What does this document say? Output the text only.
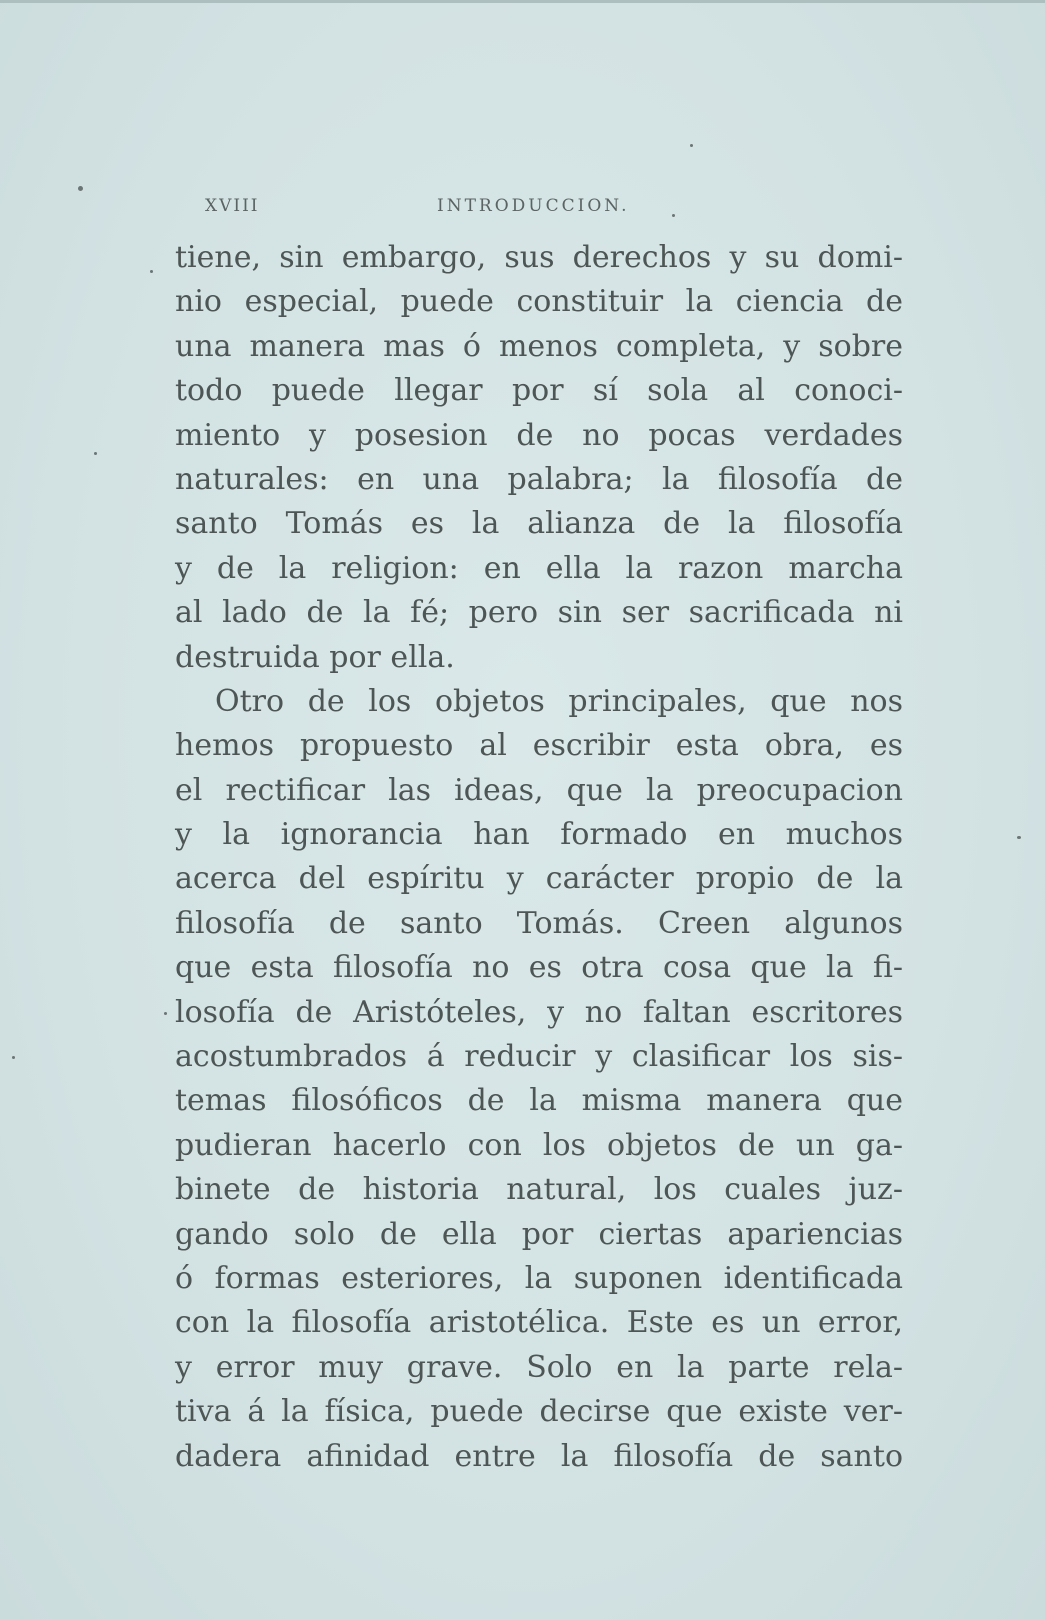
XVIII	INTRODUCCION.
tiene, sin embargo, sus derechos y su domi-
nio especial, puede constituir la ciencia de
una manera mas ó menos completa, y sobre
todo puede llegar por sí sola al conoci-
miento y posesion de no pocas verdades
naturales: en una palabra; la filosofía de
santo Tomás es la alianza de la filosofía
y de la religion: en ella la razon marcha
al lado de la fé; pero sin ser sacrificada ni
destruida por ella.
Otro de los objetos principales, que nos
hemos propuesto al escribir esta obra, es
el rectificar las ideas, que la preocupacion
y la ignorancia han formado en muchos
acerca del espíritu y carácter propio de la
filosofía de santo Tomás. Creen algunos
que esta filosofía no es otra cosa que la fi-
losofía de Aristóteles, y no faltan escritores
acostumbrados á reducir y clasificar los sis-
temas filosóficos de la misma manera que
pudieran hacerlo con los objetos de un ga-
binete de historia natural, los cuales juz-
gando solo de ella por ciertas apariencias
ó formas esteriores, la suponen identificada
con la filosofía aristotélica. Este es un error,
y error muy grave. Solo en la parte rela-
tiva á la física, puede decirse que existe ver-
dadera afinidad entre la filosofía de santo
